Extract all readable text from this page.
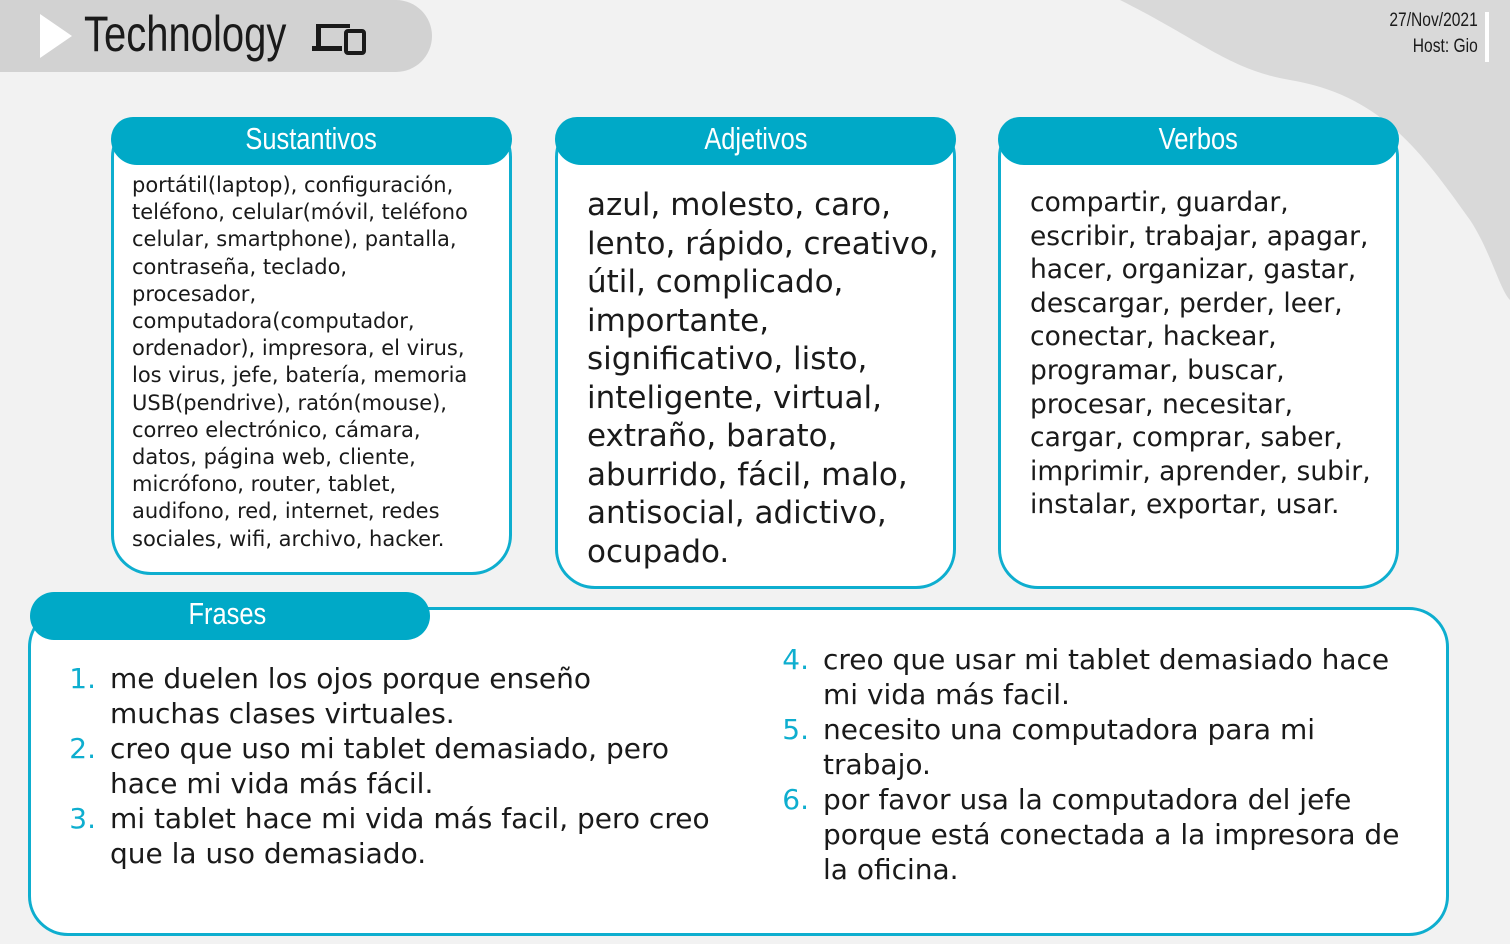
Technology	27/Nov/2021
Host: Gio
Sustantivos
portátil(laptop), configuración,
teléfono, celular(móvil, teléfono
celular, smartphone), pantalla,
contraseña, teclado,
procesador,
computadora(computador,
ordenador), impresora, el virus,
los virus, jefe, batería, memoria
USB(pendrive), ratón(mouse),
correo electrónico, cámara,
datos, página web, cliente,
micrófono, router, tablet,
audifono, red, internet, redes
sociales, wifi, archivo, hacker.
Adjetivos
azul, molesto, caro,
lento, rápido, creativo,
útil, complicado,
importante,
significativo, listo,
inteligente, virtual,
extraño, barato,
aburrido, fácil, malo,
antisocial, adictivo,
ocupado.
Verbos
compartir, guardar,
escribir, trabajar, apagar,
hacer, organizar, gastar,
descargar, perder, leer,
conectar, hackear,
programar, buscar,
procesar, necesitar,
cargar, comprar, saber,
imprimir, aprender, subir,
instalar, exportar, usar.
Frases
1. me duelen los ojos porque enseño
muchas clases virtuales.
2. creo que uso mi tablet demasiado, pero
hace mi vida más fácil.
3. mi tablet hace mi vida más facil, pero creo
que la uso demasiado.
4. creo que usar mi tablet demasiado hace
mi vida más facil.
5. necesito una computadora para mi
trabajo.
6. por favor usa la computadora del jefe
porque está conectada a la impresora de
la oficina.
